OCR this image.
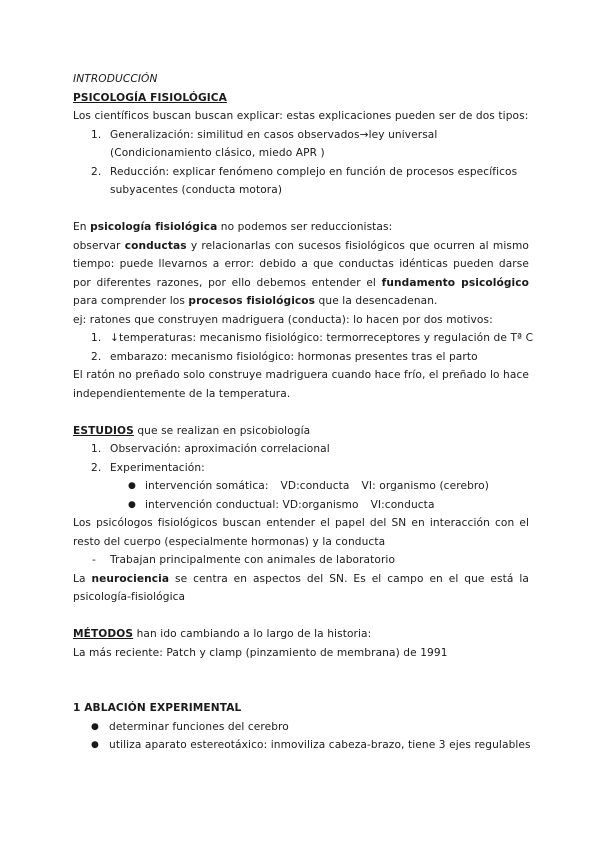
INTRODUCCIÓN
PSICOLOGÍA FISIOLÓGICA
Los científicos buscan buscan explicar: estas explicaciones pueden ser de dos tipos:
1. Generalización: similitud en casos observados→ley universal
(Condicionamiento clásico, miedo APR )
2. Reducción: explicar fenómeno complejo en función de procesos específicos
subyacentes (conducta motora)
En psicología fisiológica no podemos ser reduccionistas:
observar conductas y relacionarlas con sucesos fisiológicos que ocurren al mismo tiempo: puede llevarnos a error: debido a que conductas idénticas pueden darse por diferentes razones, por ello debemos entender el fundamento psicológico para comprender los procesos fisiológicos que la desencadenan.
ej: ratones que construyen madriguera (conducta): lo hacen por dos motivos:
1. ↓temperaturas: mecanismo fisiológico: termorreceptores y regulación de Tª C
2. embarazo: mecanismo fisiológico: hormonas presentes tras el parto
El ratón no preñado solo construye madriguera cuando hace frío, el preñado lo hace independientemente de la temperatura.
ESTUDIOS que se realizan en psicobiología
1. Observación: aproximación correlacional
2. Experimentación:
● intervención somática: VD:conducta VI: organismo (cerebro)
● intervención conductual: VD:organismo VI:conducta
Los psicólogos fisiológicos buscan entender el papel del SN en interacción con el resto del cuerpo (especialmente hormonas) y la conducta
- Trabajan principalmente con animales de laboratorio
La neurociencia se centra en aspectos del SN. Es el campo en el que está la psicología-fisiológica
MÉTODOS han ido cambiando a lo largo de la historia:
La más reciente: Patch y clamp (pinzamiento de membrana) de 1991
1 ABLACIÓN EXPERIMENTAL
● determinar funciones del cerebro
● utiliza aparato estereotáxico: inmoviliza cabeza-brazo, tiene 3 ejes regulables
